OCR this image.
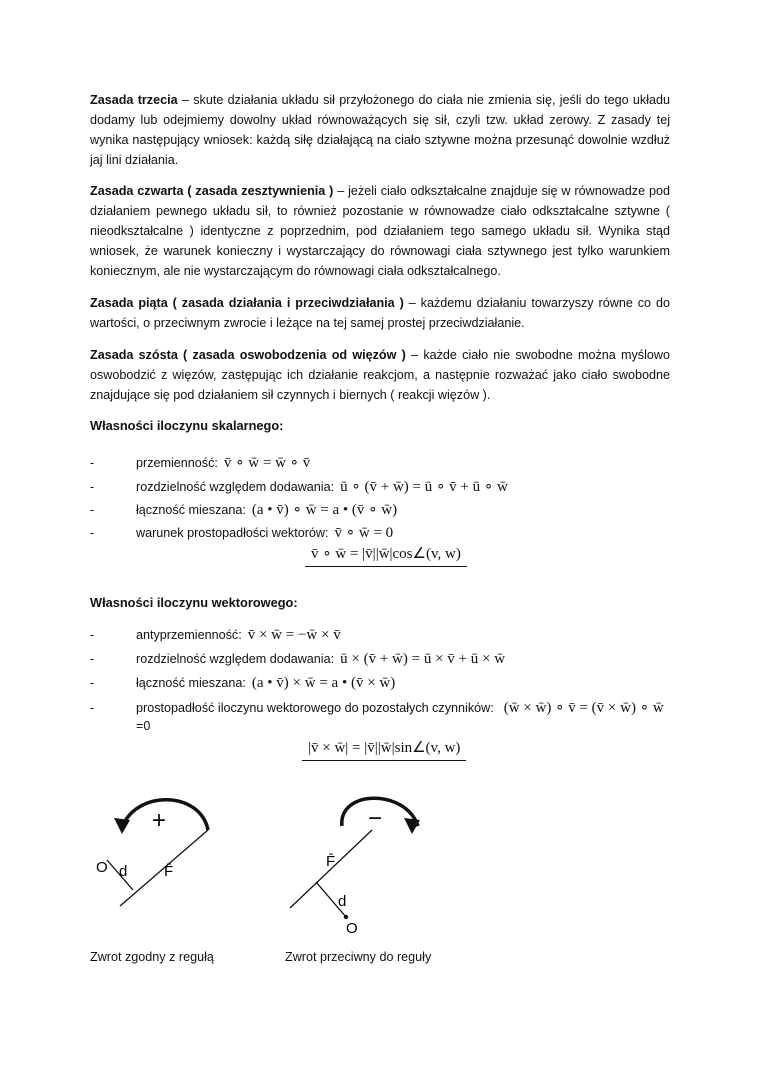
Zasada trzecia – skute działania układu sił przyłożonego do ciała nie zmienia się, jeśli do tego układu dodamy lub odejmiemy dowolny układ równoważących się sił, czyli tzw. układ zerowy. Z zasady tej wynika następujący wniosek: każdą siłę działającą na ciało sztywne można przesunąć dowolnie wzdłuż jaj lini działania.

Zasada czwarta ( zasada zesztywnienia ) – jeżeli ciało odkształcalne znajduje się w równowadze pod działaniem pewnego układu sił, to również pozostanie w równowadze ciało odkształcalne sztywne ( nieodkształcalne ) identyczne z poprzednim, pod działaniem tego samego układu sił. Wynika stąd wniosek, że warunek konieczny i wystarczający do równowagi ciała sztywnego jest tylko warunkiem koniecznym, ale nie wystarczającym do równowagi ciała odkształcalnego.

Zasada piąta ( zasada działania i przeciwdziałania ) – każdemu działaniu towarzyszy równe co do wartości, o przeciwnym zwrocie i leżące na tej samej prostej przeciwdziałanie.

Zasada szósta ( zasada oswobodzenia od więzów ) – każde ciało nie swobodne można myślowo oswobodzić z więzów, zastępując ich działanie reakcjom, a następnie rozważać jako ciało swobodne znajdujące się pod działaniem sił czynnych i biernych ( reakcji więzów ).

Własności iloczynu skalarnego:
-	przemienność: v̄ ∘ w̄ = w̄ ∘ v̄
-	rozdzielność względem dodawania: ū ∘ (v̄ + w̄) = ū ∘ v̄ + ū ∘ w̄
-	łączność mieszana: (a • v̄) ∘ w̄ = a • (v̄ ∘ w̄)
-	warunek prostopadłości wektorów: v̄ ∘ w̄ = 0
v̄ ∘ w̄ = |v̄||w̄|cos∠(v, w)
Własności iloczynu wektorowego:
-	antyprzemienność: v̄ × w̄ = −w̄ × v̄
-	rozdzielność względem dodawania: ū × (v̄ + w̄) = ū × v̄ + ū × w̄
-	łączność mieszana: (a • v̄) × w̄ = a • (v̄ × w̄)
-	prostopadłość iloczynu wektorowego do pozostałych czynników: (w̄ × w̄) ∘ v̄ = (v̄ × w̄) ∘ w̄
=0
|v̄ × w̄| = |v̄||w̄|sin∠(v, w)
+
O d F̄
−
O
d
F̄
Zwrot zgodny z regułą	Zwrot przeciwny do reguły
